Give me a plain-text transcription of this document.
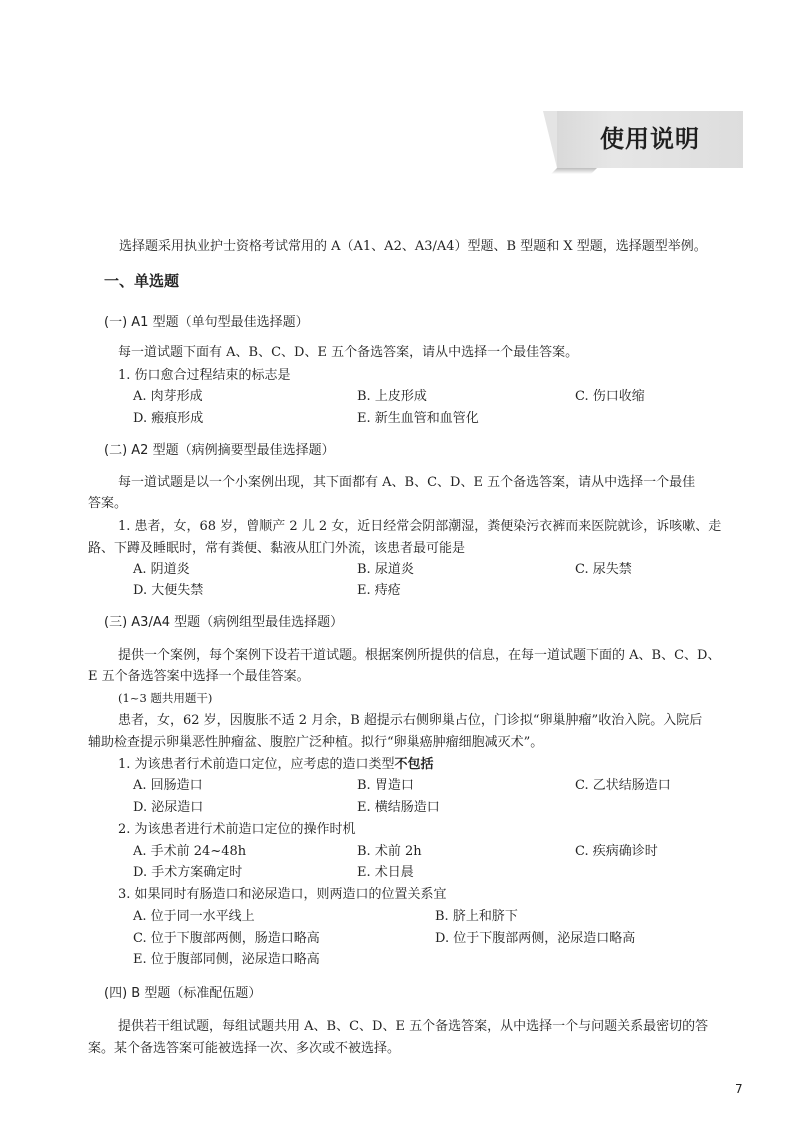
使用说明
选择题采用执业护士资格考试常用的 A（A1、A2、A3/A4）型题、B 型题和 X 型题，选择题型举例。
一、单选题
(一) A1 型题（单句型最佳选择题）
每一道试题下面有 A、B、C、D、E 五个备选答案，请从中选择一个最佳答案。
1. 伤口愈合过程结束的标志是
A. 肉芽形成	B. 上皮形成	C. 伤口收缩
D. 瘢痕形成	E. 新生血管和血管化
(二) A2 型题（病例摘要型最佳选择题）
每一道试题是以一个小案例出现，其下面都有 A、B、C、D、E 五个备选答案，请从中选择一个最佳
答案。
1. 患者，女，68 岁，曾顺产 2 儿 2 女，近日经常会阴部潮湿，粪便染污衣裤而来医院就诊，诉咳嗽、走
路、下蹲及睡眠时，常有粪便、黏液从肛门外流，该患者最可能是
A. 阴道炎	B. 尿道炎	C. 尿失禁
D. 大便失禁	E. 痔疮
(三) A3/A4 型题（病例组型最佳选择题）
提供一个案例，每个案例下设若干道试题。根据案例所提供的信息，在每一道试题下面的 A、B、C、D、
E 五个备选答案中选择一个最佳答案。
(1~3 题共用题干)
患者，女，62 岁，因腹胀不适 2 月余，B 超提示右侧卵巢占位，门诊拟“卵巢肿瘤”收治入院。入院后
辅助检查提示卵巢恶性肿瘤盆、腹腔广泛种植。拟行“卵巢癌肿瘤细胞减灭术”。
1. 为该患者行术前造口定位，应考虑的造口类型不包括
A. 回肠造口	B. 胃造口	C. 乙状结肠造口
D. 泌尿造口	E. 横结肠造口
2. 为该患者进行术前造口定位的操作时机
A. 手术前 24~48h	B. 术前 2h	C. 疾病确诊时
D. 手术方案确定时	E. 术日晨
3. 如果同时有肠造口和泌尿造口，则两造口的位置关系宜
A. 位于同一水平线上	B. 脐上和脐下
C. 位于下腹部两侧，肠造口略高	D. 位于下腹部两侧，泌尿造口略高
E. 位于腹部同侧，泌尿造口略高
(四) B 型题（标准配伍题）
提供若干组试题，每组试题共用 A、B、C、D、E 五个备选答案，从中选择一个与问题关系最密切的答
案。某个备选答案可能被选择一次、多次或不被选择。
7
